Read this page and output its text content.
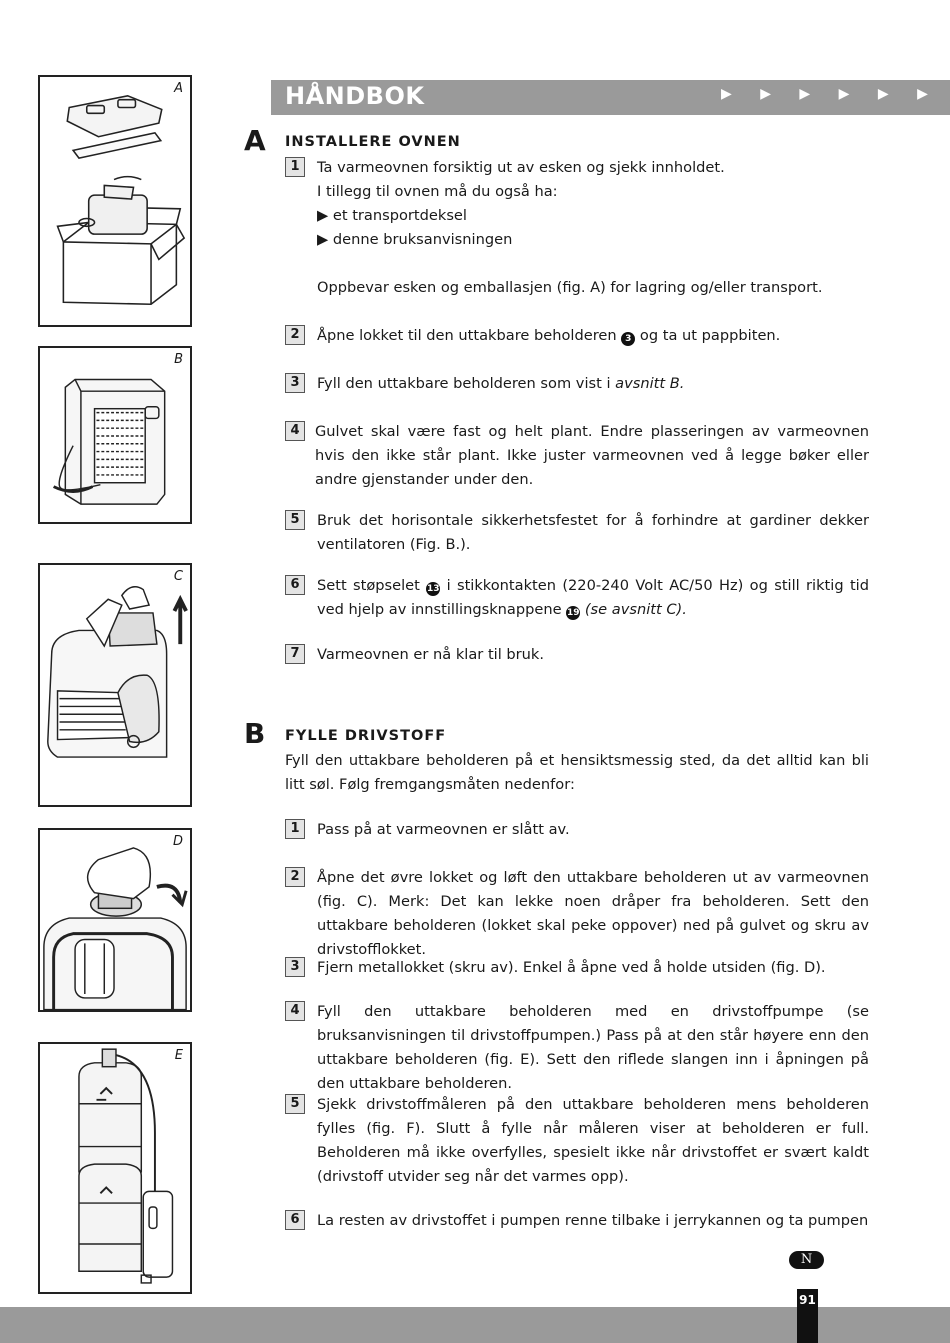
A
B
C
D
E
HÅNDBOK	▶ ▶ ▶ ▶ ▶ ▶
A INSTALLERE OVNEN
1	Ta varmeovnen forsiktig ut av esken og sjekk innholdet.
I tillegg til ovnen må du også ha:
▶ et transportdeksel
▶ denne bruksanvisningen
Oppbevar esken og emballasjen (fig. A) for lagring og/eller transport.
2	Åpne lokket til den uttakbare beholderen 3 og ta ut pappbiten.
3	Fyll den uttakbare beholderen som vist i avsnitt B.
4	Gulvet skal være fast og helt plant. Endre plasseringen av varmeovnen hvis den ikke står plant. Ikke juster varmeovnen ved å legge bøker eller andre gjenstander under den.
5	Bruk det horisontale sikkerhetsfestet for å forhindre at gardiner dekker ventilatoren (Fig. B.).
6	Sett støpselet 13 i stikkontakten (220-240 Volt AC/50 Hz) og still riktig tid ved hjelp av innstillingsknappene 19 (se avsnitt C).
7	Varmeovnen er nå klar til bruk.
B FYLLE DRIVSTOFF
Fyll den uttakbare beholderen på et hensiktsmessig sted, da det alltid kan bli litt søl. Følg fremgangsmåten nedenfor:
1	Pass på at varmeovnen er slått av.
2	Åpne det øvre lokket og løft den uttakbare beholderen ut av varmeovnen (fig. C). Merk: Det kan lekke noen dråper fra beholderen. Sett den uttakbare beholderen (lokket skal peke oppover) ned på gulvet og skru av drivstofflokket.
3	Fjern metallokket (skru av). Enkel å åpne ved å holde utsiden (fig. D).
4	Fyll den uttakbare beholderen med en drivstoffpumpe (se bruksanvisningen til drivstoffpumpen.) Pass på at den står høyere enn den uttakbare beholderen (fig. E). Sett den riflede slangen inn i åpningen på den uttakbare beholderen.
5	Sjekk drivstoffmåleren på den uttakbare beholderen mens beholderen fylles (fig. F). Slutt å fylle når måleren viser at beholderen er full. Beholderen må ikke overfylles, spesielt ikke når drivstoffet er svært kaldt (drivstoff utvider seg når det varmes opp).
6	La resten av drivstoffet i pumpen renne tilbake i jerrykannen og ta pumpen
N
91
